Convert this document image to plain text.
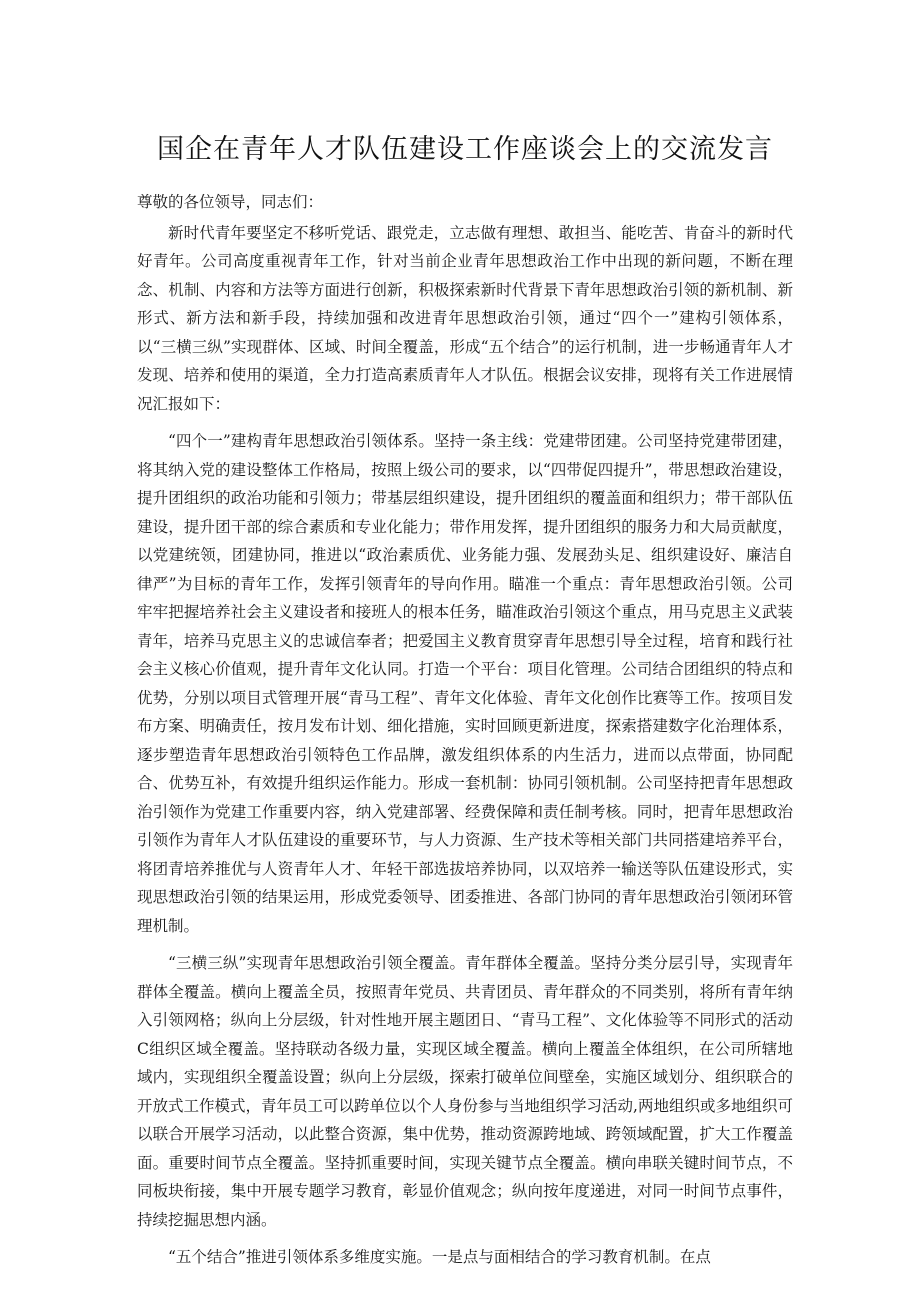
国企在青年人才队伍建设工作座谈会上的交流发言

尊敬的各位领导，同志们：

新时代青年要坚定不移听党话、跟党走，立志做有理想、敢担当、能吃苦、肯奋斗的新时代好青年。公司高度重视青年工作，针对当前企业青年思想政治工作中出现的新问题，不断在理念、机制、内容和方法等方面进行创新，积极探索新时代背景下青年思想政治引领的新机制、新形式、新方法和新手段，持续加强和改进青年思想政治引领，通过“四个一”建构引领体系，以“三横三纵”实现群体、区域、时间全覆盖，形成“五个结合”的运行机制，进一步畅通青年人才发现、培养和使用的渠道，全力打造高素质青年人才队伍。根据会议安排，现将有关工作进展情况汇报如下：

“四个一”建构青年思想政治引领体系。坚持一条主线：党建带团建。公司坚持党建带团建，将其纳入党的建设整体工作格局，按照上级公司的要求，以“四带促四提升”，带思想政治建设，提升团组织的政治功能和引领力；带基层组织建设，提升团组织的覆盖面和组织力；带干部队伍建设，提升团干部的综合素质和专业化能力；带作用发挥，提升团组织的服务力和大局贡献度，以党建统领，团建协同，推进以“政治素质优、业务能力强、发展劲头足、组织建设好、廉洁自律严”为目标的青年工作，发挥引领青年的导向作用。瞄准一个重点：青年思想政治引领。公司牢牢把握培养社会主义建设者和接班人的根本任务，瞄准政治引领这个重点，用马克思主义武装青年，培养马克思主义的忠诚信奉者；把爱国主义教育贯穿青年思想引导全过程，培育和践行社会主义核心价值观，提升青年文化认同。打造一个平台：项目化管理。公司结合团组织的特点和优势，分别以项目式管理开展“青马工程”、青年文化体验、青年文化创作比赛等工作。按项目发布方案、明确责任，按月发布计划、细化措施，实时回顾更新进度，探索搭建数字化治理体系，逐步塑造青年思想政治引领特色工作品牌，激发组织体系的内生活力，进而以点带面，协同配合、优势互补，有效提升组织运作能力。形成一套机制：协同引领机制。公司坚持把青年思想政治引领作为党建工作重要内容，纳入党建部署、经费保障和责任制考核。同时，把青年思想政治引领作为青年人才队伍建设的重要环节，与人力资源、生产技术等相关部门共同搭建培养平台，将团青培养推优与人资青年人才、年轻干部选拔培养协同，以双培养一输送等队伍建设形式，实现思想政治引领的结果运用，形成党委领导、团委推进、各部门协同的青年思想政治引领闭环管理机制。

“三横三纵”实现青年思想政治引领全覆盖。青年群体全覆盖。坚持分类分层引导，实现青年群体全覆盖。横向上覆盖全员，按照青年党员、共青团员、青年群众的不同类别，将所有青年纳入引领网格；纵向上分层级，针对性地开展主题团日、“青马工程”、文化体验等不同形式的活动C组织区域全覆盖。坚持联动各级力量，实现区域全覆盖。横向上覆盖全体组织，在公司所辖地域内，实现组织全覆盖设置；纵向上分层级，探索打破单位间壁垒，实施区域划分、组织联合的开放式工作模式，青年员工可以跨单位以个人身份参与当地组织学习活动,两地组织或多地组织可以联合开展学习活动，以此整合资源，集中优势，推动资源跨地域、跨领域配置，扩大工作覆盖面。重要时间节点全覆盖。坚持抓重要时间，实现关键节点全覆盖。横向串联关键时间节点，不同板块衔接，集中开展专题学习教育，彰显价值观念；纵向按年度递进，对同一时间节点事件，持续挖掘思想内涵。

“五个结合”推进引领体系多维度实施。一是点与面相结合的学习教育机制。在点
